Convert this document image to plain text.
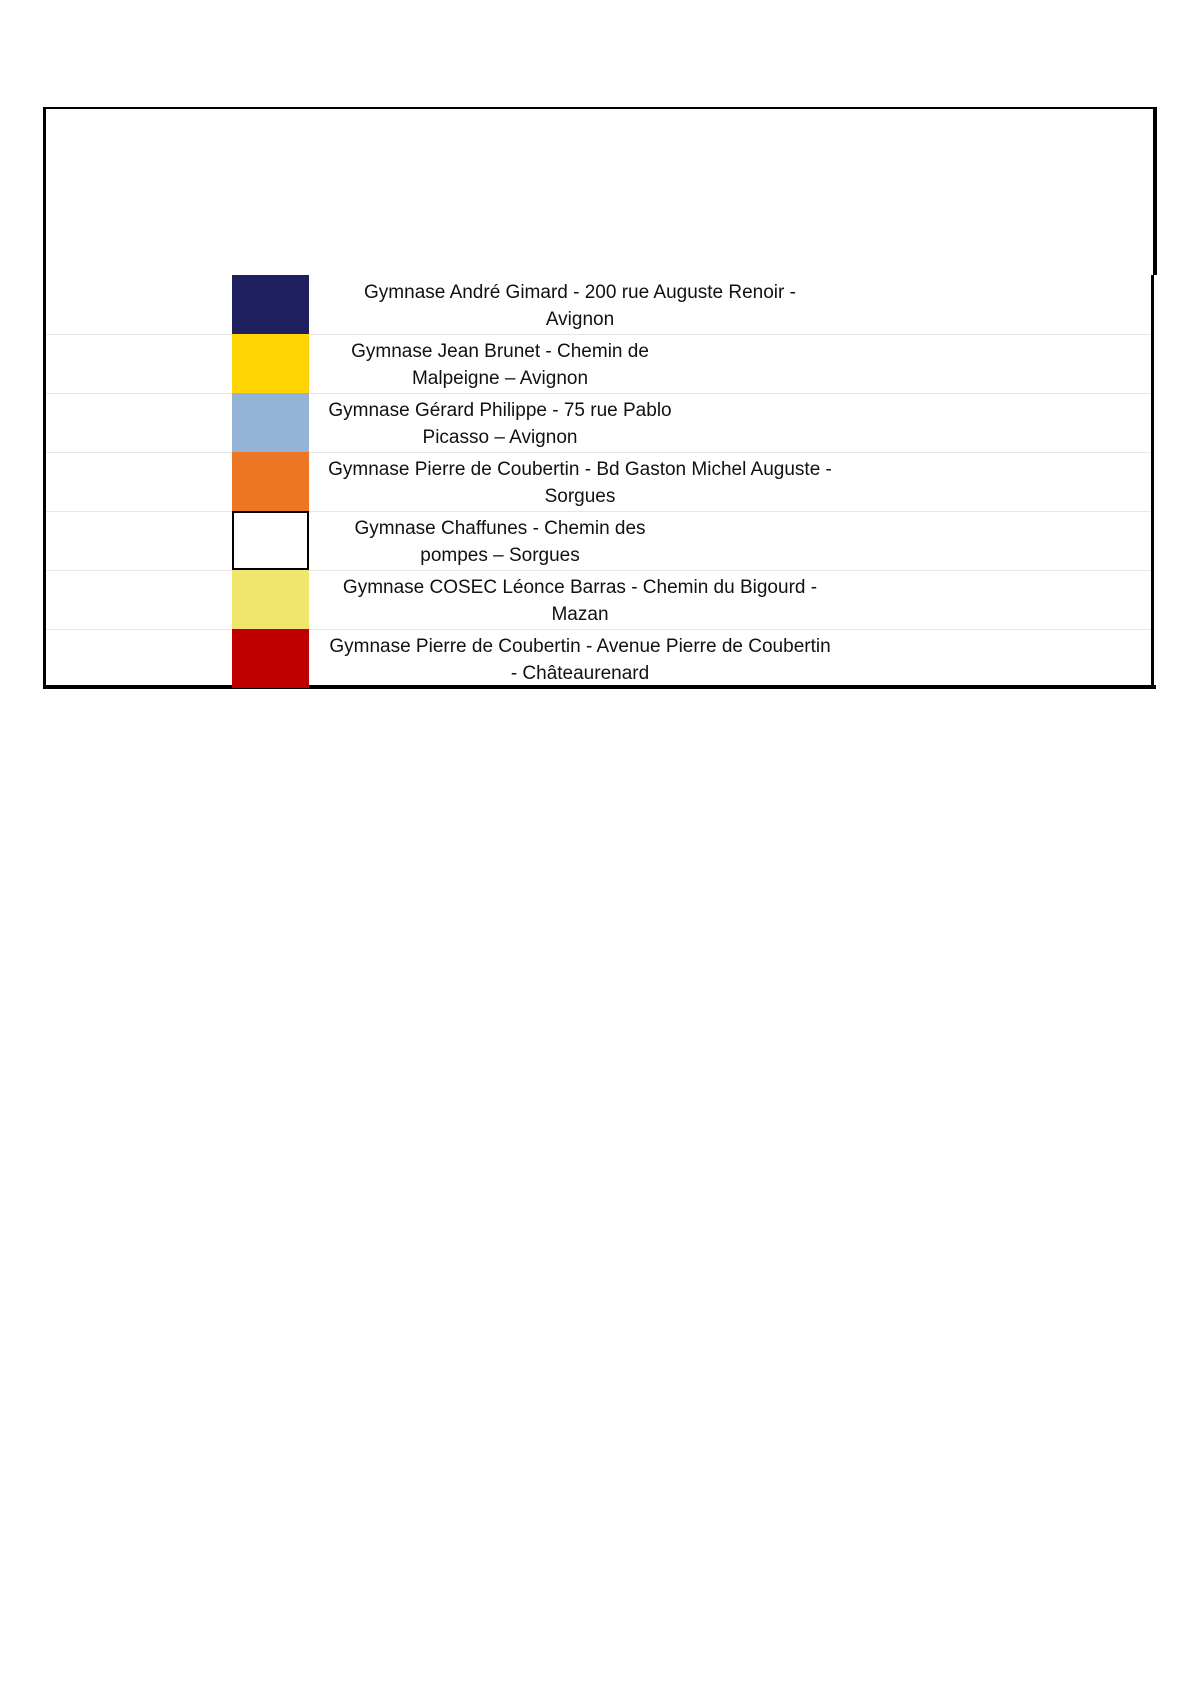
Gymnase André Gimard - 200 rue Auguste Renoir -
Avignon
Gymnase Jean Brunet - Chemin de
Malpeigne – Avignon
Gymnase Gérard Philippe - 75 rue Pablo
Picasso – Avignon
Gymnase Pierre de Coubertin - Bd Gaston Michel Auguste -
Sorgues
Gymnase Chaffunes - Chemin des
pompes – Sorgues
Gymnase COSEC Léonce Barras - Chemin du Bigourd -
Mazan
Gymnase Pierre de Coubertin - Avenue Pierre de Coubertin
- Châteaurenard
